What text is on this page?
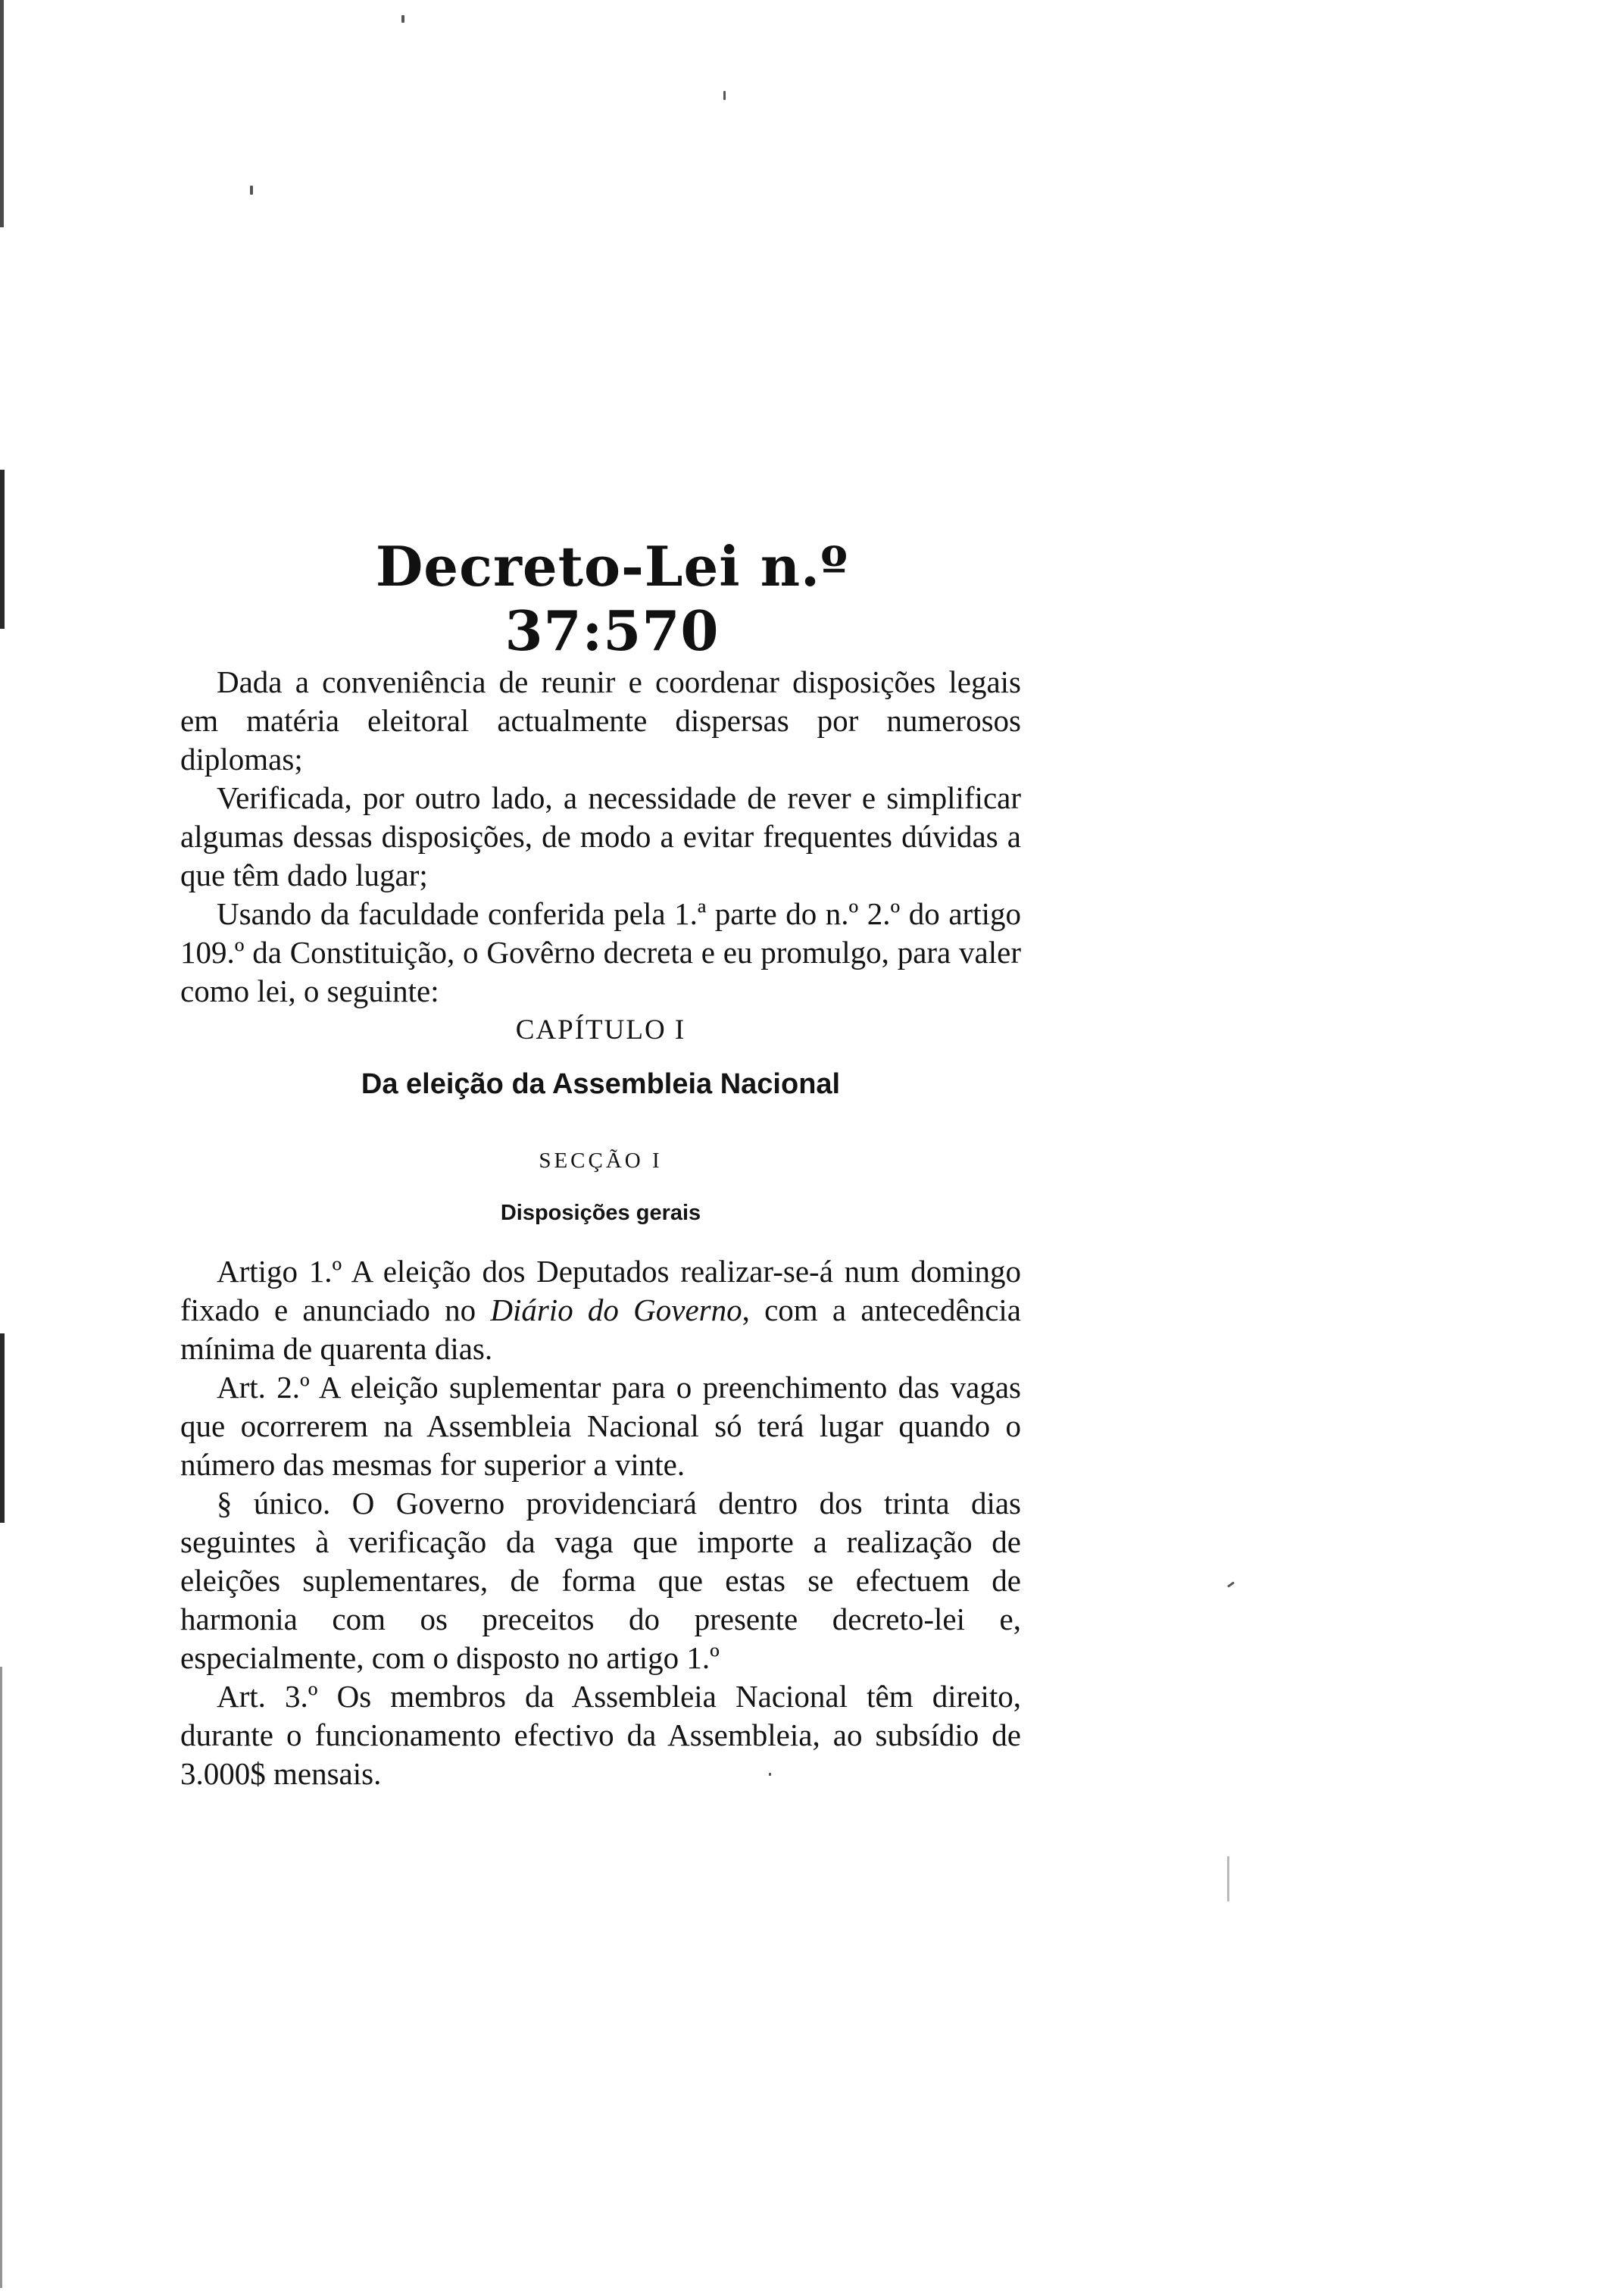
Decreto-Lei n.º 37:570

Dada a conveniência de reunir e coordenar disposições legais em matéria eleitoral actualmente dispersas por numerosos diplomas;

Verificada, por outro lado, a necessidade de rever e simplificar algumas dessas disposições, de modo a evitar frequentes dúvidas a que têm dado lugar;

Usando da faculdade conferida pela 1.ª parte do n.º 2.º do artigo 109.º da Constituição, o Govêrno decreta e eu promulgo, para valer como lei, o seguinte:

CAPÍTULO I
Da eleição da Assembleia Nacional
SECÇÃO I
Disposições gerais

Artigo 1.º A eleição dos Deputados realizar-se-á num domingo fixado e anunciado no Diário do Governo, com a antecedência mínima de quarenta dias.

Art. 2.º A eleição suplementar para o preenchimento das vagas que ocorrerem na Assembleia Nacional só terá lugar quando o número das mesmas for superior a vinte.

§ único. O Governo providenciará dentro dos trinta dias seguintes à verificação da vaga que importe a realização de eleições suplementares, de forma que estas se efectuem de harmonia com os preceitos do presente decreto-lei e, especialmente, com o disposto no artigo 1.º

Art. 3.º Os membros da Assembleia Nacional têm direito, durante o funcionamento efectivo da Assembleia, ao subsídio de 3.000$ mensais.
